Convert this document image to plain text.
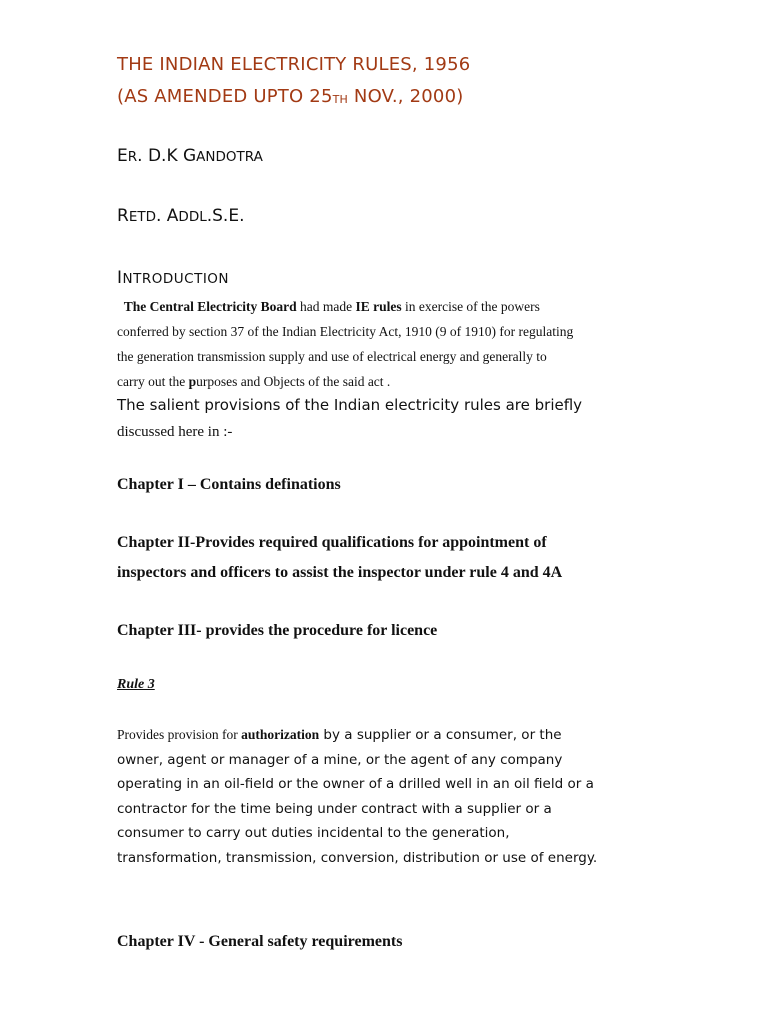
THE INDIAN ELECTRICITY RULES, 1956
(AS AMENDED UPTO $25_{TH}$ NOV., 2000)
ER. D.K GANDOTRA
RETD. ADDL.S.E.
INTRODUCTION
The Central Electricity Board had made IE rules in exercise of the powers
conferred by section 37 of the Indian Electricity Act, 1910 (9 of 1910) for regulating
the generation transmission supply and use of electrical energy and generally to
carry out the purposes and Objects of the said act .
The salient provisions of the Indian electricity rules are briefly
discussed here in :-
Chapter I – Contains definations
Chapter II-Provides required qualifications for appointment of
inspectors and officers to assist the inspector under rule 4 and 4A
Chapter III- provides the procedure for licence
Rule 3
Provides provision for authorization by a supplier or a consumer, or the
owner, agent or manager of a mine, or the agent of any company
operating in an oil-field or the owner of a drilled well in an oil field or a
contractor for the time being under contract with a supplier or a
consumer to carry out duties incidental to the generation,
transformation, transmission, conversion, distribution or use of energy.
Chapter IV - General safety requirements
